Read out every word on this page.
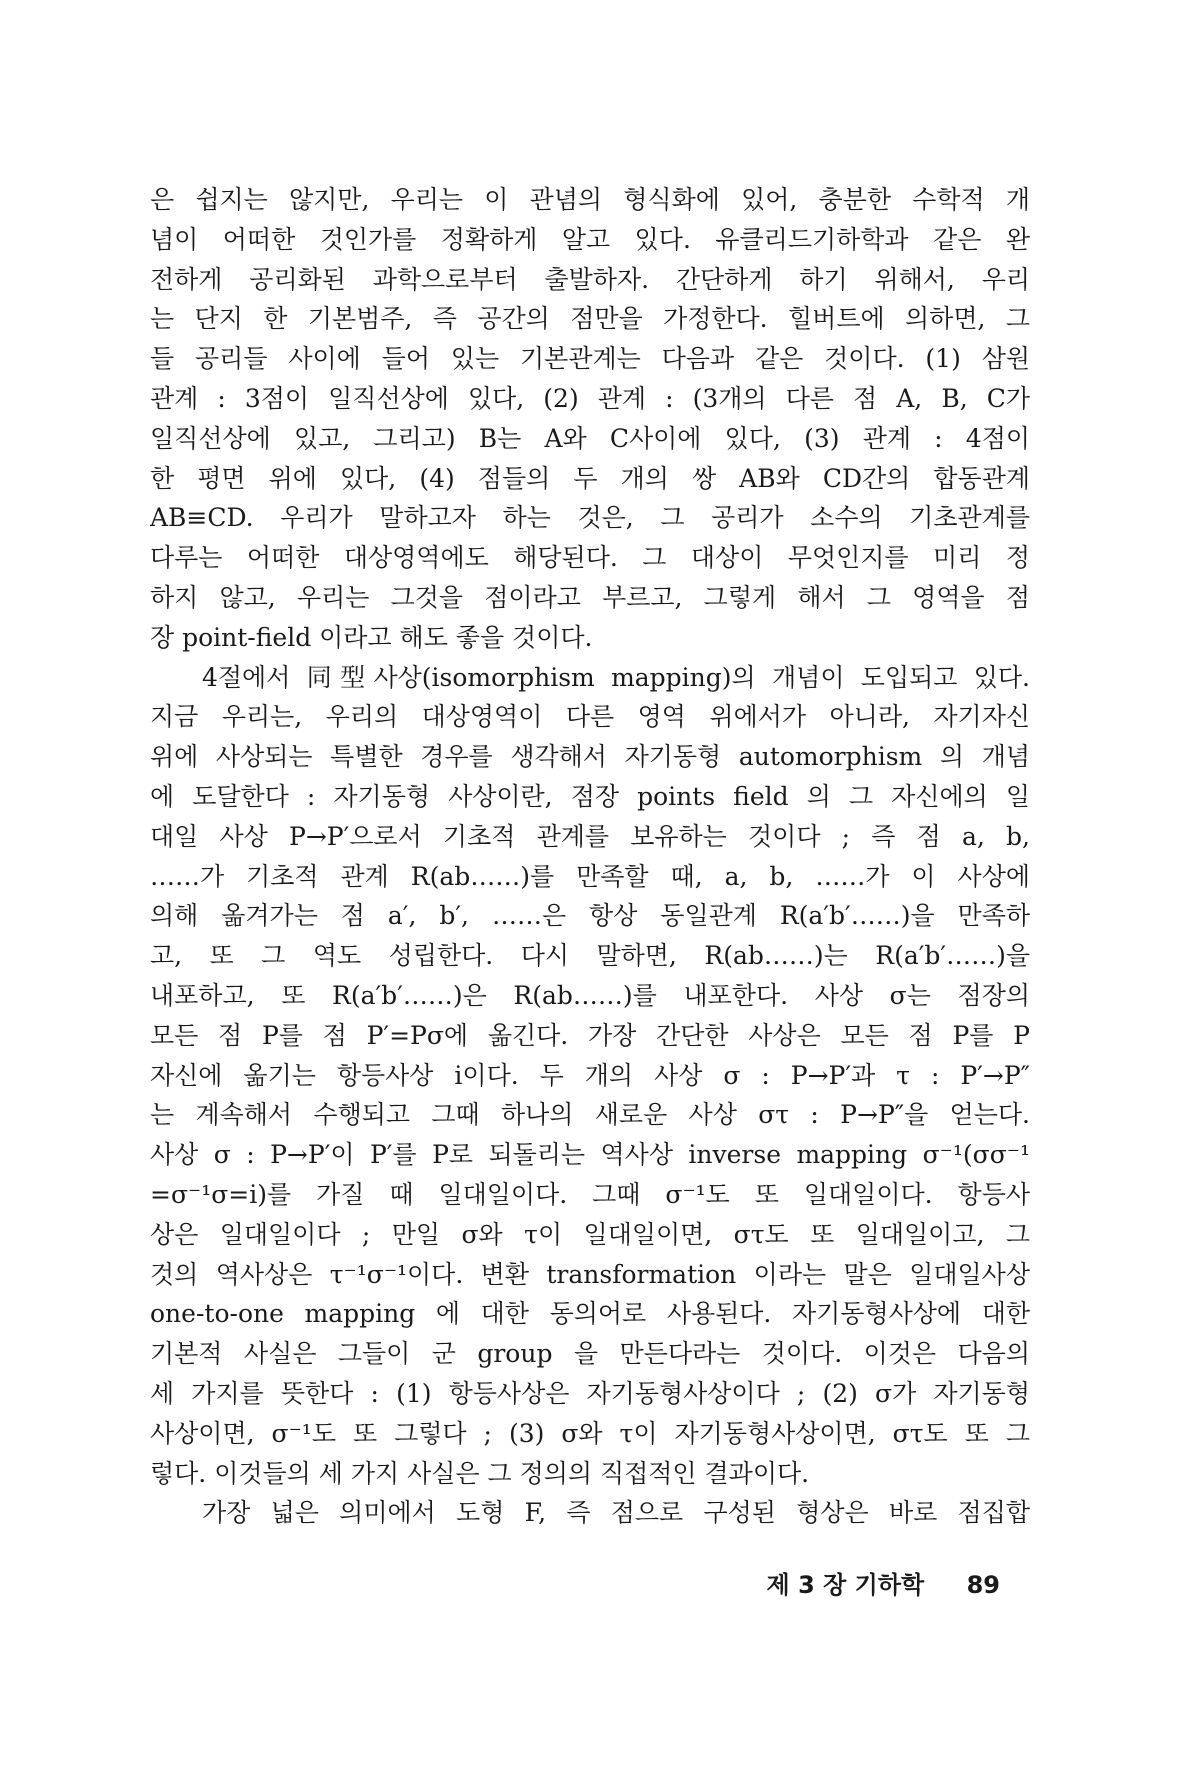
은 쉽지는 않지만, 우리는 이 관념의 형식화에 있어, 충분한 수학적 개
념이 어떠한 것인가를 정확하게 알고 있다. 유클리드기하학과 같은 완
전하게 공리화된 과학으로부터 출발하자. 간단하게 하기 위해서, 우리
는 단지 한 기본범주, 즉 공간의 점만을 가정한다. 힐버트에 의하면, 그
들 공리들 사이에 들어 있는 기본관계는 다음과 같은 것이다. (1) 삼원
관계 : 3점이 일직선상에 있다, (2) 관계 : (3개의 다른 점 A, B, C가
일직선상에 있고, 그리고) B는 A와 C사이에 있다, (3) 관계 : 4점이
한 평면 위에 있다, (4) 점들의 두 개의 쌍 AB와 CD간의 합동관계
AB≡CD. 우리가 말하고자 하는 것은, 그 공리가 소수의 기초관계를
다루는 어떠한 대상영역에도 해당된다. 그 대상이 무엇인지를 미리 정
하지 않고, 우리는 그것을 점이라고 부르고, 그렇게 해서 그 영역을 점
장 point-field 이라고 해도 좋을 것이다.
4절에서 同型사상(isomorphism mapping)의 개념이 도입되고 있다.
지금 우리는, 우리의 대상영역이 다른 영역 위에서가 아니라, 자기자신
위에 사상되는 특별한 경우를 생각해서 자기동형 automorphism 의 개념
에 도달한다 : 자기동형 사상이란, 점장 points field 의 그 자신에의 일
대일 사상 P→P′으로서 기초적 관계를 보유하는 것이다 ; 즉 점 a, b,
……가 기초적 관계 R(ab……)를 만족할 때, a, b, ……가 이 사상에
의해 옮겨가는 점 a′, b′, ……은 항상 동일관계 R(a′b′……)을 만족하
고, 또 그 역도 성립한다. 다시 말하면, R(ab……)는 R(a′b′……)을
내포하고, 또 R(a′b′……)은 R(ab……)를 내포한다. 사상 σ는 점장의
모든 점 P를 점 P′=Pσ에 옮긴다. 가장 간단한 사상은 모든 점 P를 P
자신에 옮기는 항등사상 i이다. 두 개의 사상 σ : P→P′과 τ : P′→P″
는 계속해서 수행되고 그때 하나의 새로운 사상 στ : P→P″을 얻는다.
사상 σ : P→P′이 P′를 P로 되돌리는 역사상 inverse mapping σ⁻¹(σσ⁻¹
=σ⁻¹σ=i)를 가질 때 일대일이다. 그때 σ⁻¹도 또 일대일이다. 항등사
상은 일대일이다 ; 만일 σ와 τ이 일대일이면, στ도 또 일대일이고, 그
것의 역사상은 τ⁻¹σ⁻¹이다. 변환 transformation 이라는 말은 일대일사상
one-to-one mapping 에 대한 동의어로 사용된다. 자기동형사상에 대한
기본적 사실은 그들이 군 group 을 만든다라는 것이다. 이것은 다음의
세 가지를 뜻한다 : (1) 항등사상은 자기동형사상이다 ; (2) σ가 자기동형
사상이면, σ⁻¹도 또 그렇다 ; (3) σ와 τ이 자기동형사상이면, στ도 또 그
렇다. 이것들의 세 가지 사실은 그 정의의 직접적인 결과이다.
가장 넓은 의미에서 도형 F, 즉 점으로 구성된 형상은 바로 점집합
제 3 장 기하학 89
